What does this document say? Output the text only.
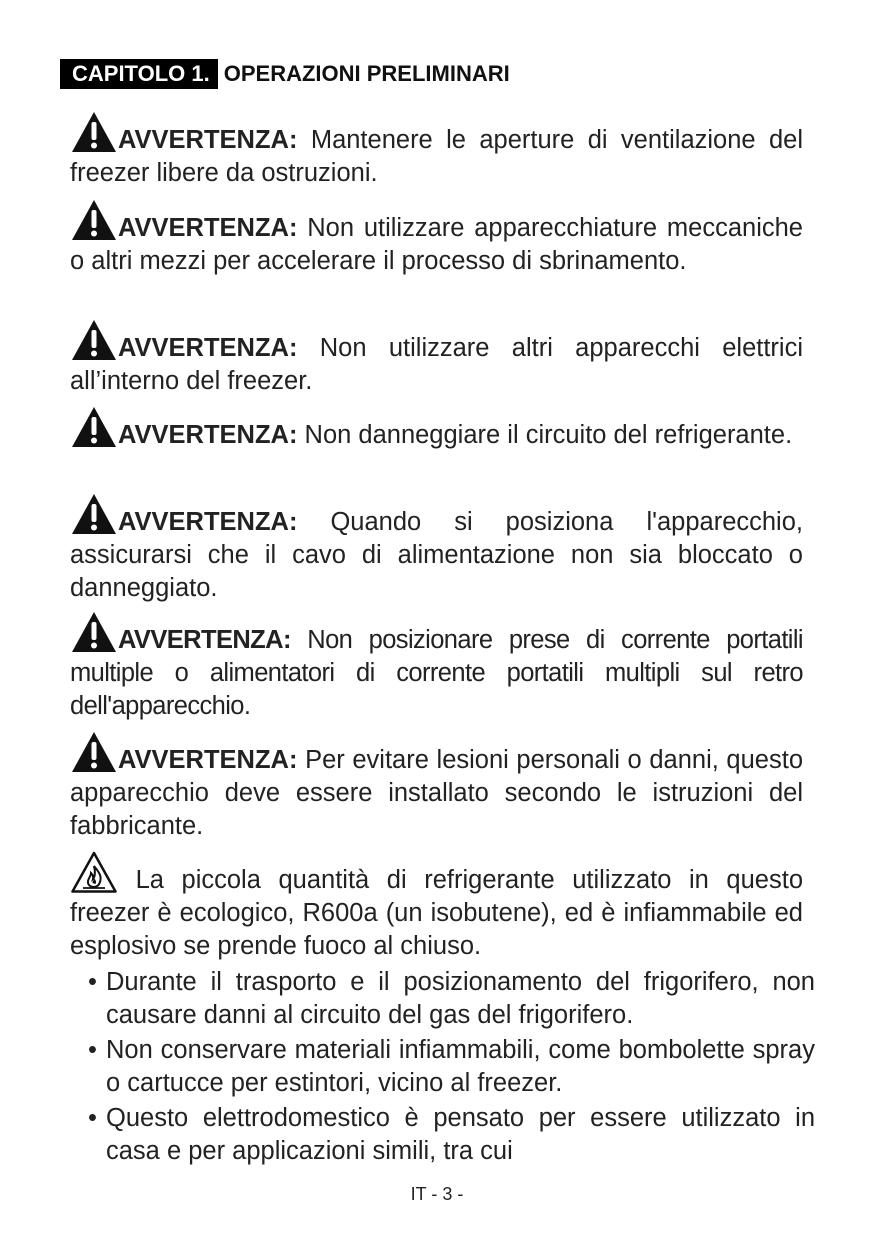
CAPITOLO 1. OPERAZIONI PRELIMINARI
AVVERTENZA: Mantenere le aperture di ventilazione del freezer libere da ostruzioni.
AVVERTENZA: Non utilizzare apparecchiature meccaniche o altri mezzi per accelerare il processo di sbrinamento.
AVVERTENZA: Non utilizzare altri apparecchi elettrici all’interno del freezer.
AVVERTENZA: Non danneggiare il circuito del refrigerante.
AVVERTENZA: Quando si posiziona l'apparecchio, assicurarsi che il cavo di alimentazione non sia bloccato o danneggiato.
AVVERTENZA: Non posizionare prese di corrente portatili multiple o alimentatori di corrente portatili multipli sul retro dell'apparecchio.
AVVERTENZA: Per evitare lesioni personali o danni, questo apparecchio deve essere installato secondo le istruzioni del fabbricante.
La piccola quantità di refrigerante utilizzato in questo freezer è ecologico, R600a (un isobutene), ed è infiammabile ed esplosivo se prende fuoco al chiuso.
• Durante il trasporto e il posizionamento del frigorifero, non causare danni al circuito del gas del frigorifero.
• Non conservare materiali infiammabili, come bombolette spray o cartucce per estintori, vicino al freezer.
• Questo elettrodomestico è pensato per essere utilizzato in casa e per applicazioni simili, tra cui
IT - 3 -
